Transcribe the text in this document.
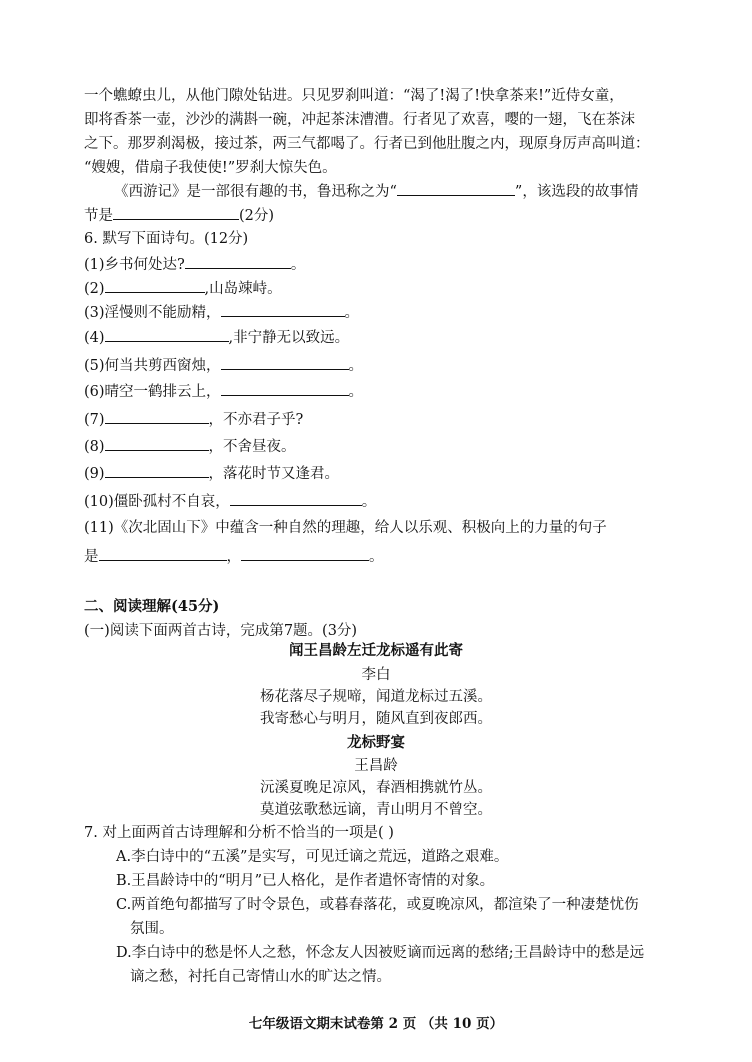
一个蟭蟟虫儿，从他门隙处钻进。只见罗刹叫道：“渴了!渴了!快拿茶来!”近侍女童，
即将香茶一壶，沙沙的满斟一碗，冲起茶沫漕漕。行者见了欢喜，嘤的一翅，飞在茶沫
之下。那罗刹渴极，接过茶，两三气都喝了。行者已到他肚腹之内，现原身厉声高叫道：
“嫂嫂，借扇子我使使!”罗刹大惊失色。
《西游记》是一部很有趣的书，鲁迅称之为“	”，该选段的故事情
节是	(2分)
6. 默写下面诗句。(12分)
(1)乡书何处达?	。
(2)	,山岛竦峙。
(3)淫慢则不能励精，	。
(4)	,非宁静无以致远。
(5)何当共剪西窗烛，	。
(6)晴空一鹤排云上，	。
(7)	，不亦君子乎?
(8)	，不舍昼夜。
(9)	，落花时节又逢君。
(10)僵卧孤村不自哀，	。
(11)《次北固山下》中蕴含一种自然的理趣，给人以乐观、积极向上的力量的句子
是	，	。
二、阅读理解(45分)
(一)阅读下面两首古诗，完成第7题。(3分)
闻王昌龄左迁龙标遥有此寄
李白
杨花落尽子规啼，闻道龙标过五溪。
我寄愁心与明月，随风直到夜郎西。
龙标野宴
王昌龄
沅溪夏晚足凉风，春酒相携就竹丛。
莫道弦歌愁远谪，青山明月不曾空。
7. 对上面两首古诗理解和分析不恰当的一项是( )
A.李白诗中的“五溪”是实写，可见迁谪之荒远，道路之艰难。
B.王昌龄诗中的“明月”已人格化，是作者遣怀寄情的对象。
C.两首绝句都描写了时令景色，或暮春落花，或夏晚凉风，都渲染了一种凄楚忧伤
氛围。
D.李白诗中的愁是怀人之愁，怀念友人因被贬谪而远离的愁绪;王昌龄诗中的愁是远
谪之愁，衬托自己寄情山水的旷达之情。
七年级语文期末试卷第 2 页 （共 10 页）
